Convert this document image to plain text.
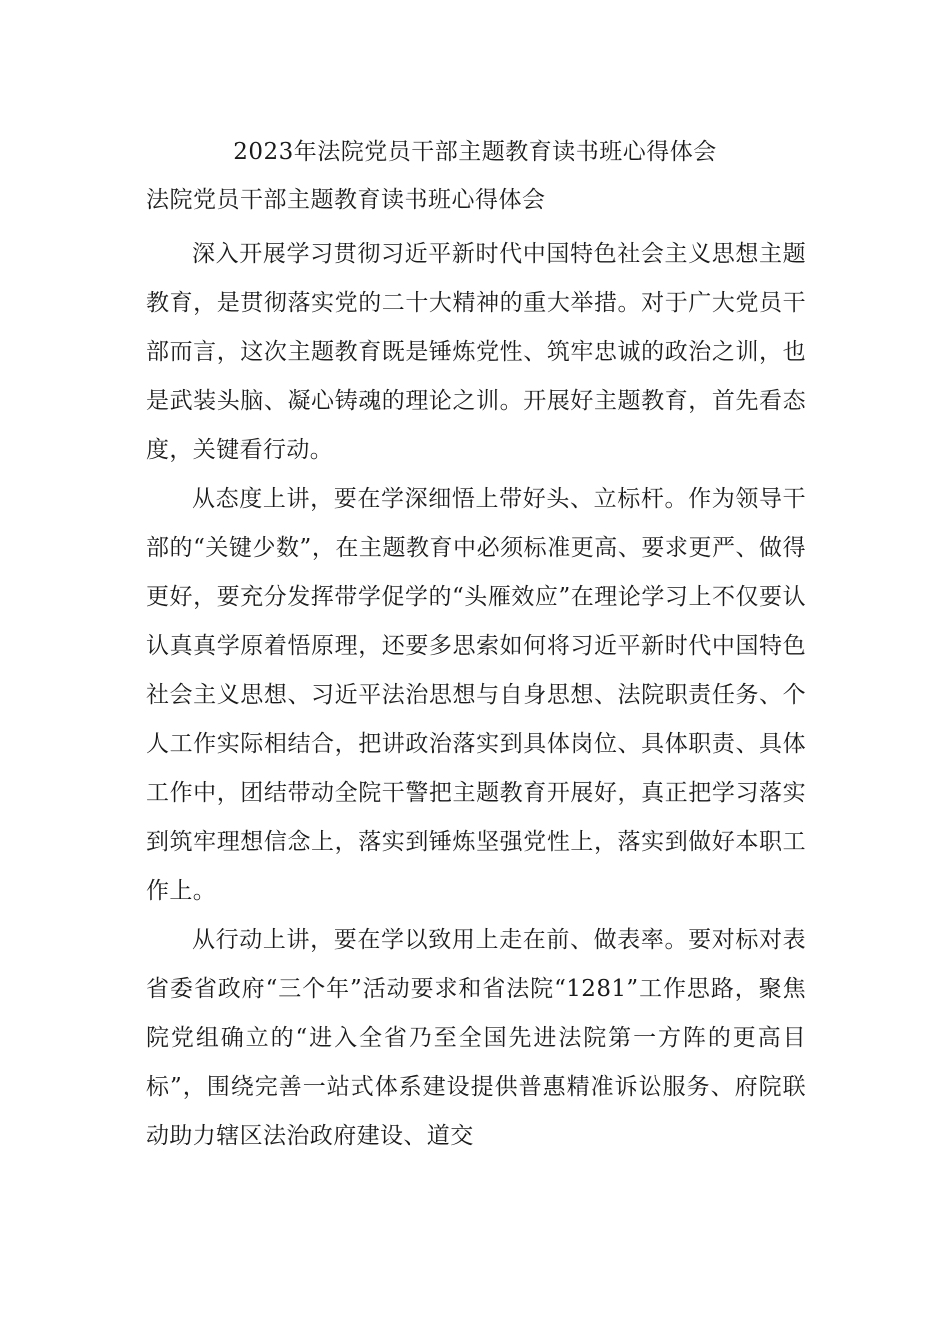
2023年法院党员干部主题教育读书班心得体会
法院党员干部主题教育读书班心得体会

深入开展学习贯彻习近平新时代中国特色社会主义思想主题教育，是贯彻落实党的二十大精神的重大举措。对于广大党员干部而言，这次主题教育既是锤炼党性、筑牢忠诚的政治之训，也是武装头脑、凝心铸魂的理论之训。开展好主题教育，首先看态度，关键看行动。

从态度上讲，要在学深细悟上带好头、立标杆。作为领导干部的“关键少数”，在主题教育中必须标准更高、要求更严、做得更好，要充分发挥带学促学的“头雁效应”在理论学习上不仅要认认真真学原着悟原理，还要多思索如何将习近平新时代中国特色社会主义思想、习近平法治思想与自身思想、法院职责任务、个人工作实际相结合，把讲政治落实到具体岗位、具体职责、具体工作中，团结带动全院干警把主题教育开展好，真正把学习落实到筑牢理想信念上，落实到锤炼坚强党性上，落实到做好本职工作上。

从行动上讲，要在学以致用上走在前、做表率。要对标对表省委省政府“三个年”活动要求和省法院“1281”工作思路，聚焦院党组确立的“进入全省乃至全国先进法院第一方阵的更高目标”，围绕完善一站式体系建设提供普惠精准诉讼服务、府院联动助力辖区法治政府建设、道交
